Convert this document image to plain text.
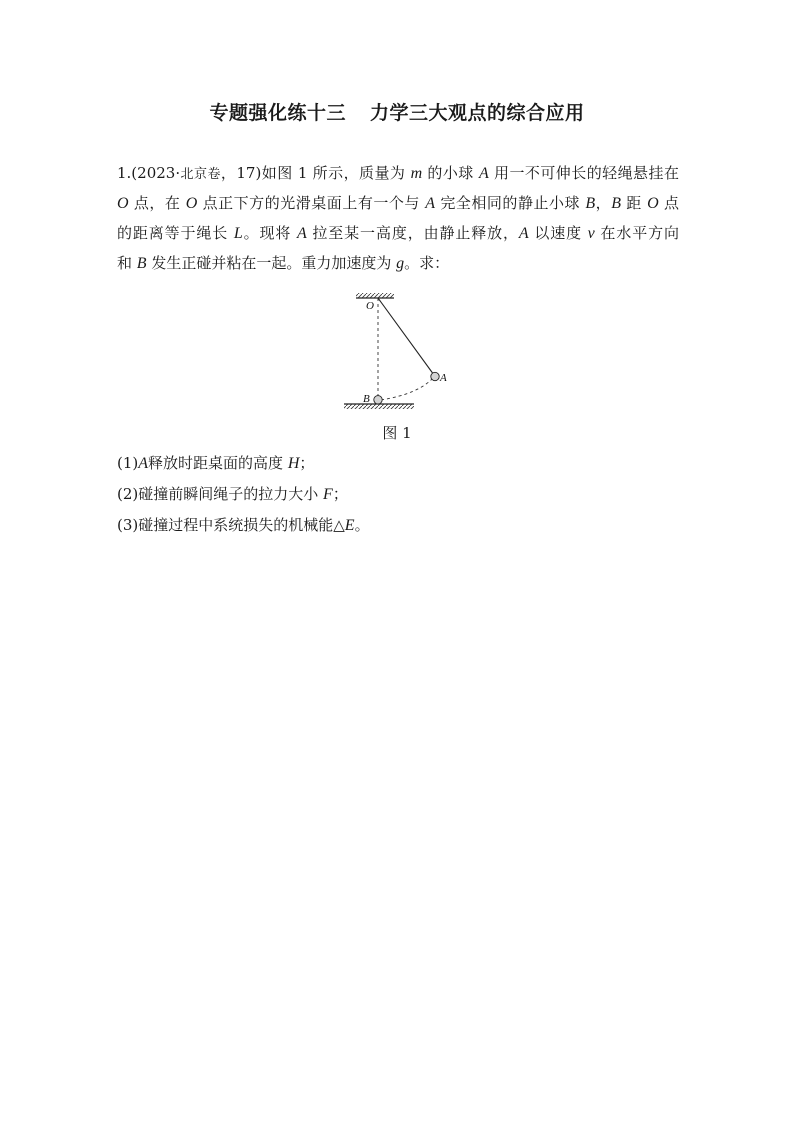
专题强化练十三 力学三大观点的综合应用
1.(2023·北京卷，17)如图 1 所示，质量为 m 的小球 A 用一不可伸长的轻绳悬挂在
O 点，在 O 点正下方的光滑桌面上有一个与 A 完全相同的静止小球 B，B 距 O 点
的距离等于绳长 L。现将 A 拉至某一高度，由静止释放，A 以速度 v 在水平方向
和 B 发生正碰并粘在一起。重力加速度为 g。求：
O
A
B
图 1
(1)A释放时距桌面的高度 H；
(2)碰撞前瞬间绳子的拉力大小 F；
(3)碰撞过程中系统损失的机械能△E。
